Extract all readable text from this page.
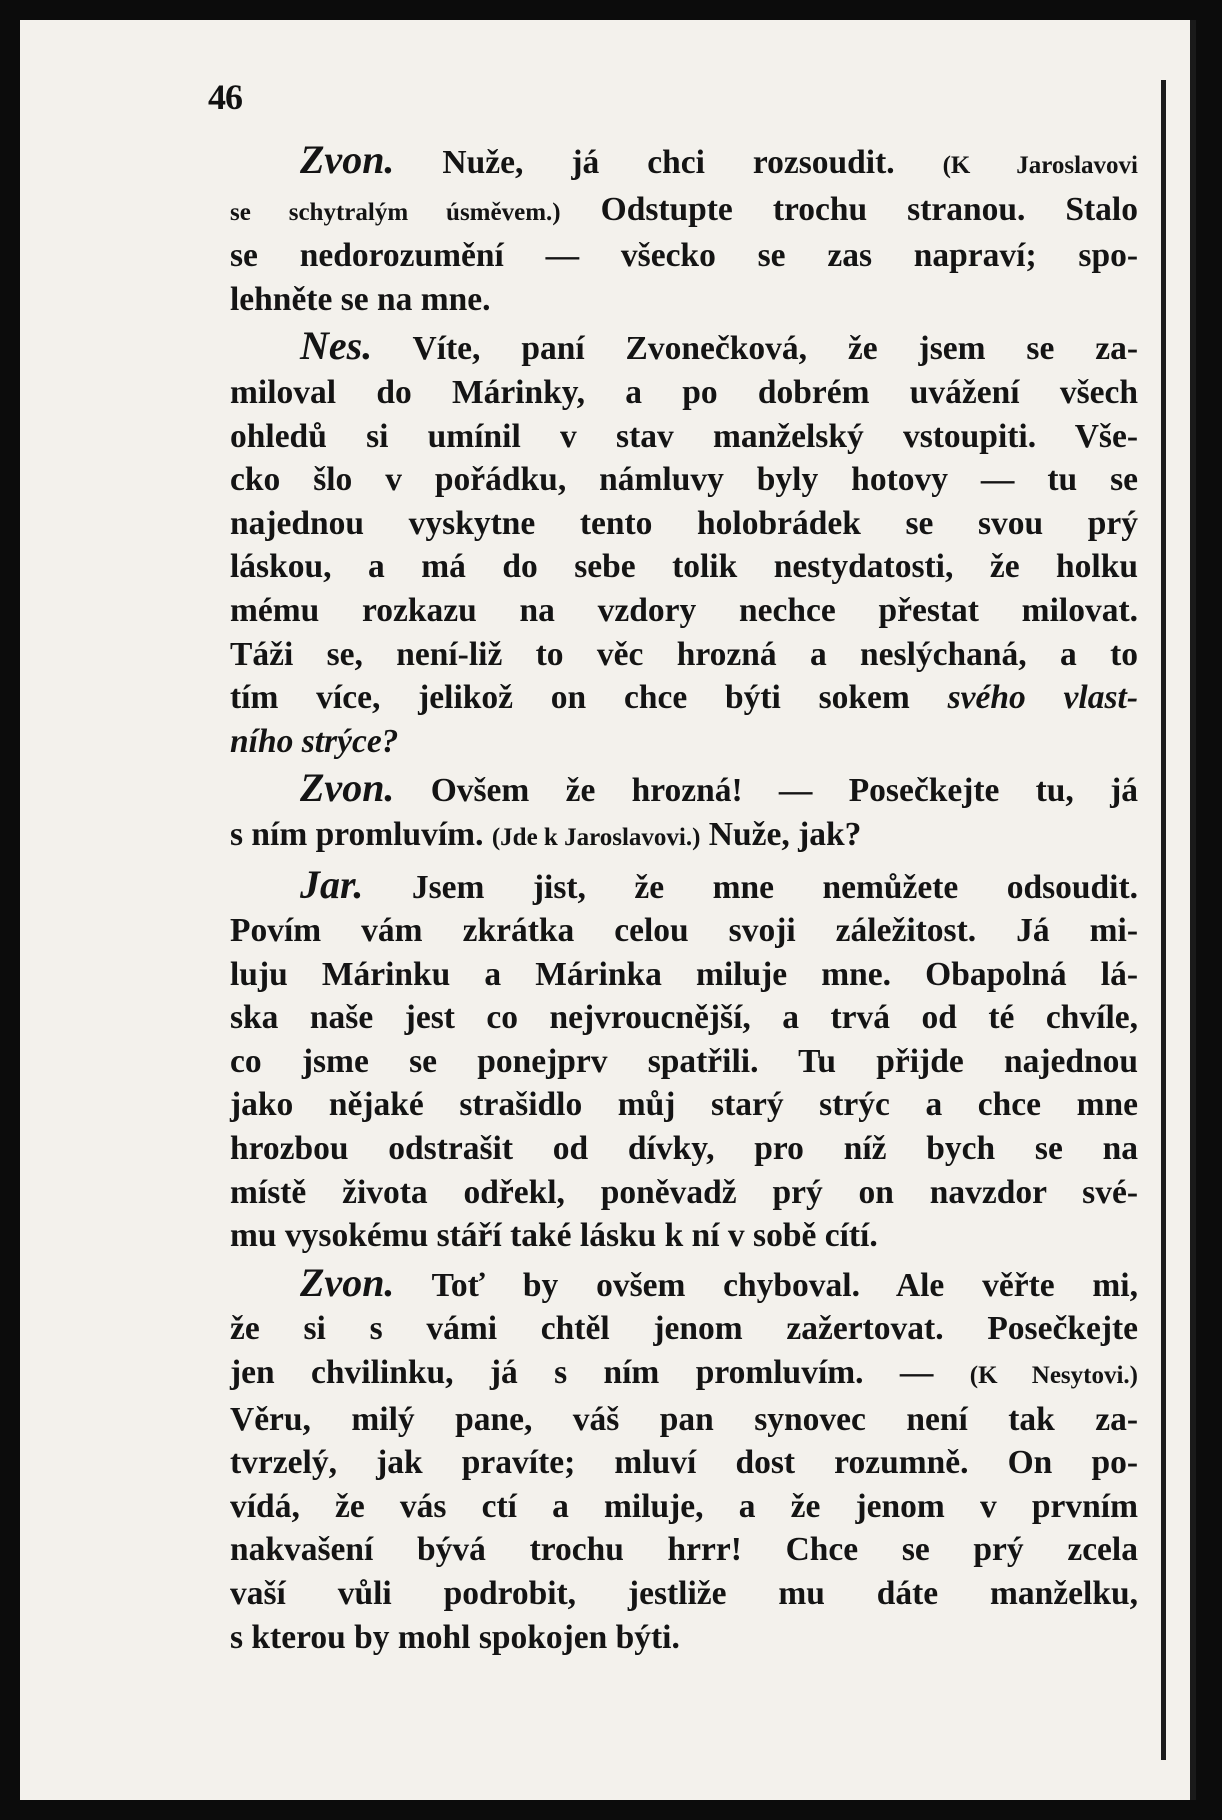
46
Zvon. Nuže, já chci rozsoudit. (K Jaroslavovi
se schytralým úsměvem.) Odstupte trochu stranou. Stalo
se nedorozumění — všecko se zas napraví; spo-
lehněte se na mne.
Nes. Víte, paní Zvonečková, že jsem se za-
miloval do Márinky, a po dobrém uvážení všech
ohledů si umínil v stav manželský vstoupiti. Vše-
cko šlo v pořádku, námluvy byly hotovy — tu se
najednou vyskytne tento holobrádek se svou prý
láskou, a má do sebe tolik nestydatosti, že holku
mému rozkazu na vzdory nechce přestat milovat.
Táži se, není-liž to věc hrozná a neslýchaná, a to
tím více, jelikož on chce býti sokem svého vlast-
ního strýce?
Zvon. Ovšem že hrozná! — Posečkejte tu, já
s ním promluvím. (Jde k Jaroslavovi.) Nuže, jak?
Jar. Jsem jist, že mne nemůžete odsoudit.
Povím vám zkrátka celou svoji záležitost. Já mi-
luju Márinku a Márinka miluje mne. Obapolná lá-
ska naše jest co nejvroucnější, a trvá od té chvíle,
co jsme se ponejprv spatřili. Tu přijde najednou
jako nějaké strašidlo můj starý strýc a chce mne
hrozbou odstrašit od dívky, pro níž bych se na
místě života odřekl, poněvadž prý on navzdor své-
mu vysokému stáří také lásku k ní v sobě cítí.
Zvon. Toť by ovšem chyboval. Ale věřte mi,
že si s vámi chtěl jenom zažertovat. Posečkejte
jen chvilinku, já s ním promluvím. — (K Nesytovi.)
Věru, milý pane, váš pan synovec není tak za-
tvrzelý, jak pravíte; mluví dost rozumně. On po-
vídá, že vás ctí a miluje, a že jenom v prvním
nakvašení bývá trochu hrrr! Chce se prý zcela
vaší vůli podrobit, jestliže mu dáte manželku,
s kterou by mohl spokojen býti.
